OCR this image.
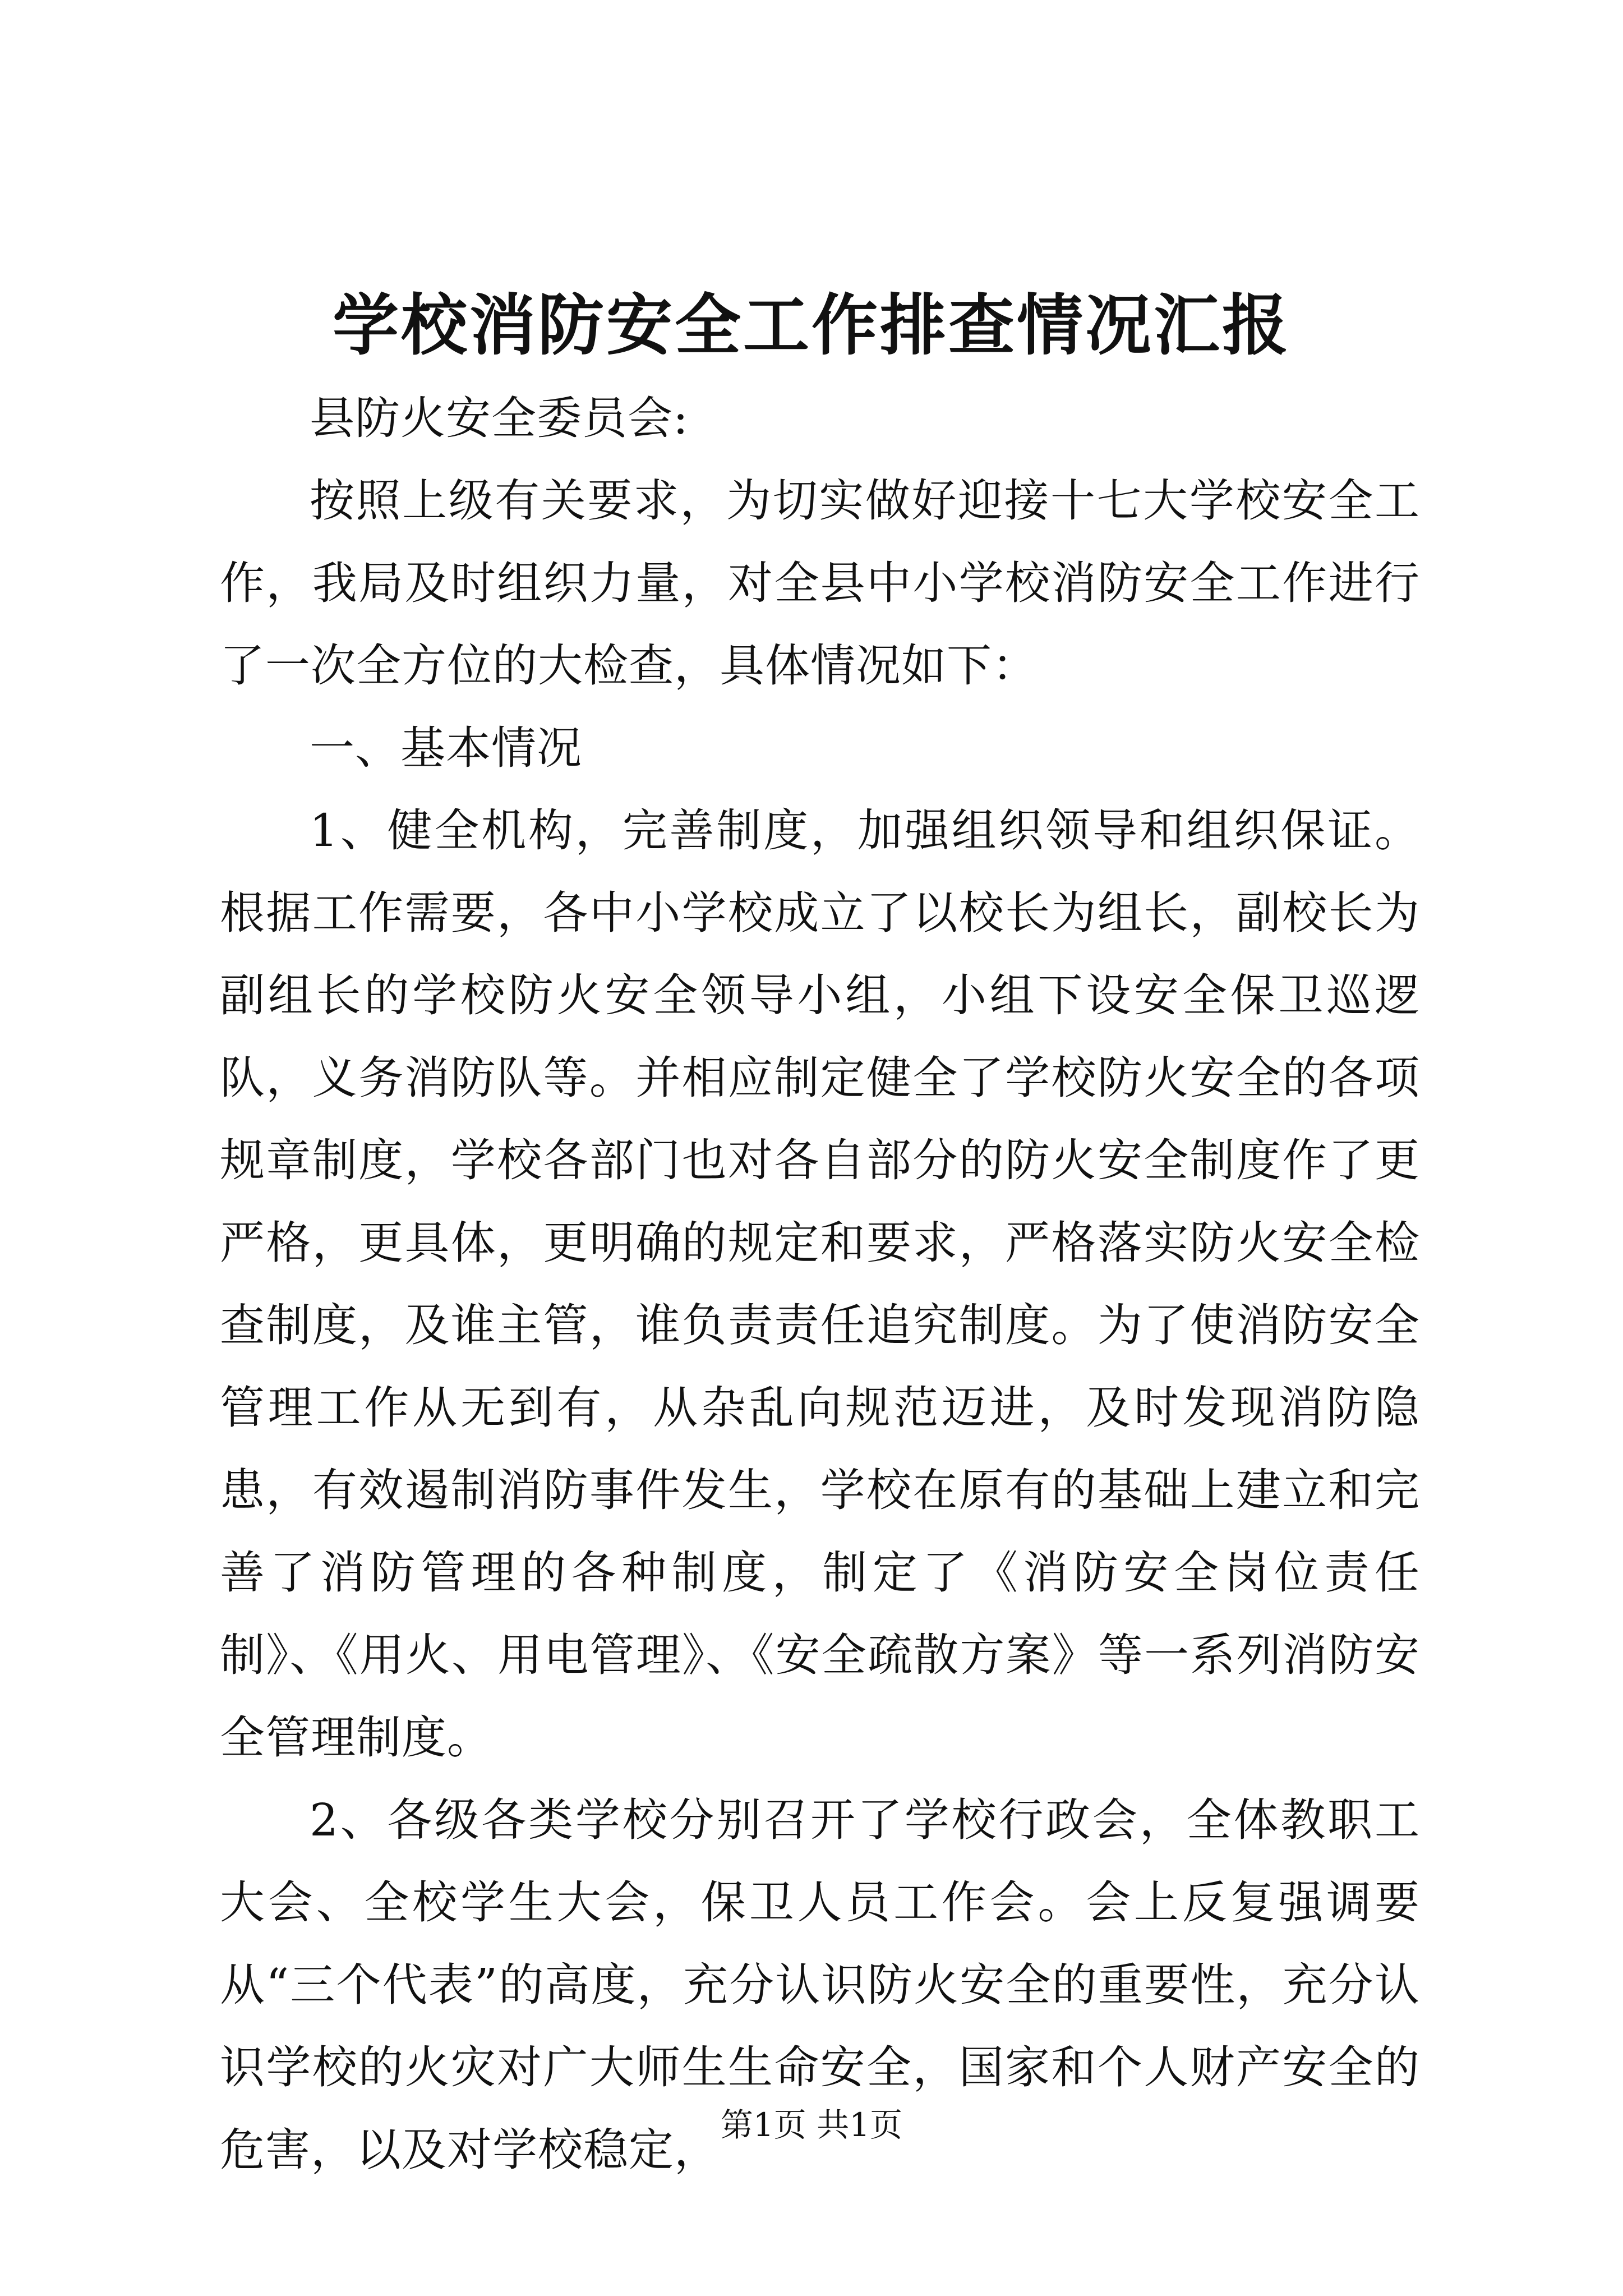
学校消防安全工作排查情况汇报

县防火安全委员会:

按照上级有关要求，为切实做好迎接十七大学校安全工作，我局及时组织力量，对全县中小学校消防安全工作进行了一次全方位的大检查，具体情况如下：

一、基本情况

1、健全机构，完善制度，加强组织领导和组织保证。根据工作需要，各中小学校成立了以校长为组长，副校长为副组长的学校防火安全领导小组，小组下设安全保卫巡逻队，义务消防队等。并相应制定健全了学校防火安全的各项规章制度，学校各部门也对各自部分的防火安全制度作了更严格，更具体，更明确的规定和要求，严格落实防火安全检查制度，及谁主管，谁负责责任追究制度。为了使消防安全管理工作从无到有，从杂乱向规范迈进，及时发现消防隐患，有效遏制消防事件发生，学校在原有的基础上建立和完善了消防管理的各种制度，制定了《消防安全岗位责任制》、《用火、用电管理》、《安全疏散方案》等一系列消防安全管理制度。

2、各级各类学校分别召开了学校行政会，全体教职工大会、全校学生大会，保卫人员工作会。会上反复强调要从“三个代表”的高度，充分认识防火安全的重要性，充分认识学校的火灾对广大师生生命安全，国家和个人财产安全的危害，以及对学校稳定， 第1页 共1页
